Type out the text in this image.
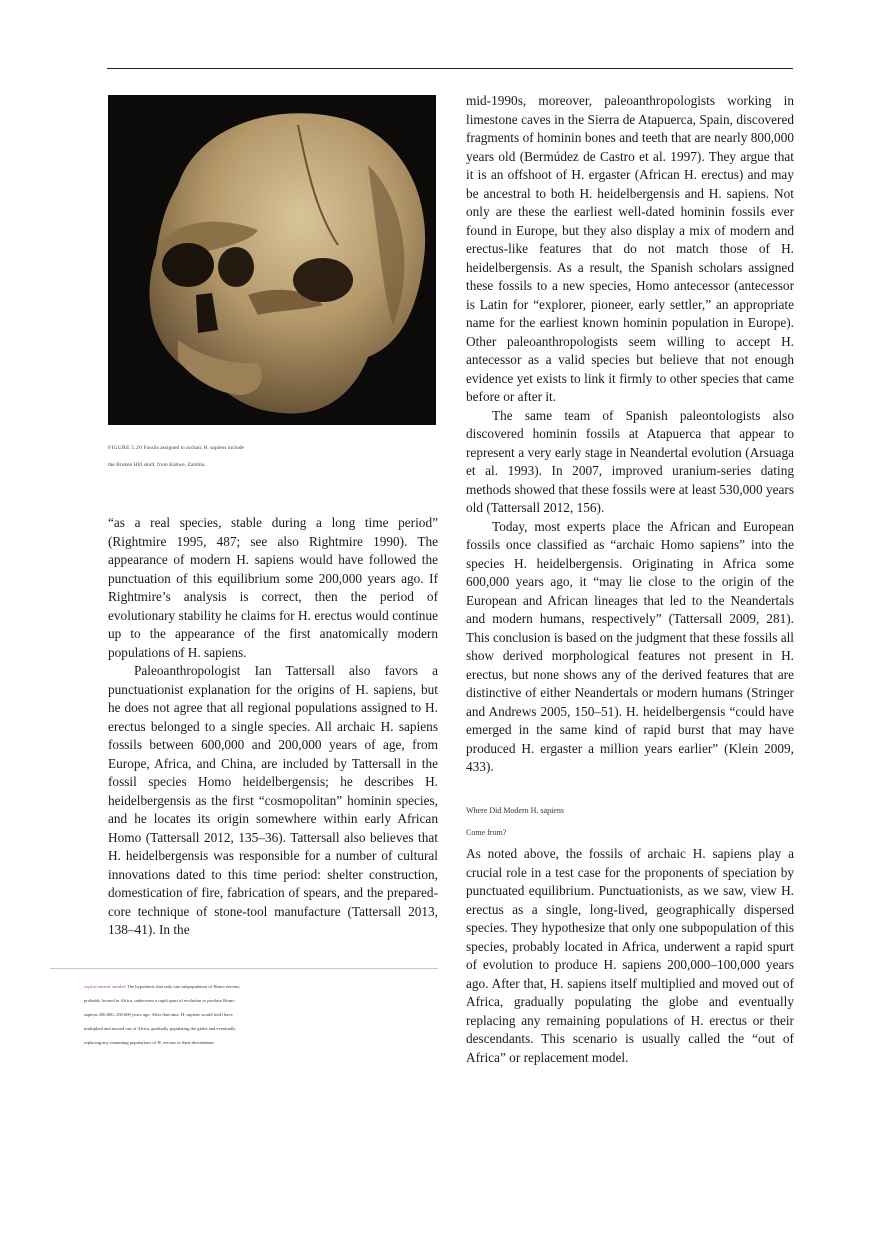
FIGURE 5.20 Fossils assigned to archaic H. sapiens include
the Broken Hill skull, from Kabwe, Zambia.

“as a real species, stable during a long time period” (Rightmire 1995, 487; see also Rightmire 1990). The appearance of modern H. sapiens would have followed the punctuation of this equilibrium some 200,000 years ago. If Rightmire’s analysis is correct, then the period of evolutionary stability he claims for H. erectus would continue up to the appearance of the first anatomically modern populations of H. sapiens.

Paleoanthropologist Ian Tattersall also favors a punctuationist explanation for the origins of H. sapiens, but he does not agree that all regional populations assigned to H. erectus belonged to a single species. All archaic H. sapiens fossils between 600,000 and 200,000 years of age, from Europe, Africa, and China, are included by Tattersall in the fossil species Homo heidelbergensis; he describes H. heidelbergensis as the first “cosmopolitan” hominin species, and he locates its origin somewhere within early African Homo (Tattersall 2012, 135–36). Tattersall also believes that H. heidelbergensis was responsible for a number of cultural innovations dated to this time period: shelter construction, domestication of fire, fabrication of spears, and the prepared-core technique of stone-tool manufacture (Tattersall 2013, 138–41). In the

mid-1990s, moreover, paleoanthropologists working in limestone caves in the Sierra de Atapuerca, Spain, discovered fragments of hominin bones and teeth that are nearly 800,000 years old (Bermúdez de Castro et al. 1997). They argue that it is an offshoot of H. ergaster (African H. erectus) and may be ancestral to both H. heidelbergensis and H. sapiens. Not only are these the earliest well-dated hominin fossils ever found in Europe, but they also display a mix of modern and erectus-like features that do not match those of H. heidelbergensis. As a result, the Spanish scholars assigned these fossils to a new species, Homo antecessor (antecessor is Latin for “explorer, pioneer, early settler,” an appropriate name for the earliest known hominin population in Europe). Other paleoanthropologists seem willing to accept H. antecessor as a valid species but believe that not enough evidence yet exists to link it firmly to other species that came before or after it.

The same team of Spanish paleontologists also discovered hominin fossils at Atapuerca that appear to represent a very early stage in Neandertal evolution (Arsuaga et al. 1993). In 2007, improved uranium-series dating methods showed that these fossils were at least 530,000 years old (Tattersall 2012, 156).

Today, most experts place the African and European fossils once classified as “archaic Homo sapiens” into the species H. heidelbergensis. Originating in Africa some 600,000 years ago, it “may lie close to the origin of the European and African lineages that led to the Neandertals and modern humans, respectively” (Tattersall 2009, 281). This conclusion is based on the judgment that these fossils all show derived morphological features not present in H. erectus, but none shows any of the derived features that are distinctive of either Neandertals or modern humans (Stringer and Andrews 2005, 150–51). H. heidelbergensis “could have emerged in the same kind of rapid burst that may have produced H. ergaster a million years earlier” (Klein 2009, 433).

Where Did Modern H. sapiens
Come from?

As noted above, the fossils of archaic H. sapiens play a crucial role in a test case for the proponents of speciation by punctuated equilibrium. Punctuationists, as we saw, view H. erectus as a single, long-lived, geographically dispersed species. They hypothesize that only one subpopulation of this species, probably located in Africa, underwent a rapid spurt of evolution to produce H. sapiens 200,000–100,000 years ago. After that, H. sapiens itself multiplied and moved out of Africa, gradually populating the globe and eventually replacing any remaining populations of H. erectus or their descendants. This scenario is usually called the “out of Africa” or replacement model.

replacement model The hypothesis that only one subpopulation of Homo erectus, probably located in Africa, underwent a rapid spurt of evolution to produce Homo sapiens 200,000–100,000 years ago. After that time, H. sapiens would itself have multiplied and moved out of Africa, gradually populating the globe and eventually replacing any remaining populations of H. erectus or their descendants.
